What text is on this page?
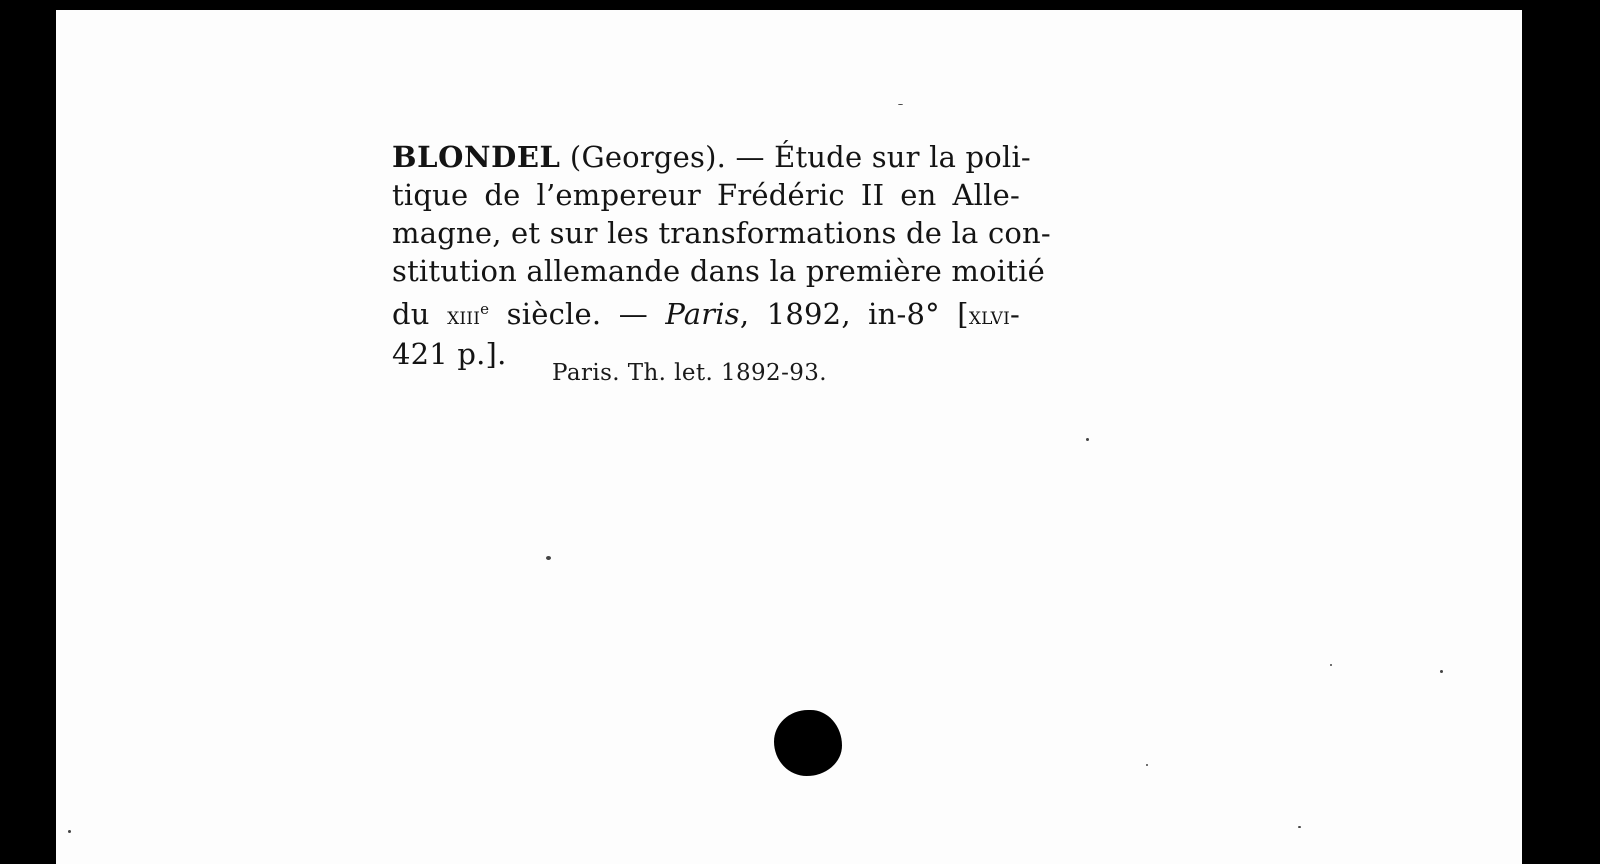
BLONDEL (Georges). — Étude sur la poli-
tique de l’empereur Frédéric II en Alle-
magne, et sur les transformations de la con-
stitution allemande dans la première moitié
du xiii$^e$ siècle. — Paris, 1892, in-8° [xlvi-
421 p.].
Paris. Th. let. 1892-93.
